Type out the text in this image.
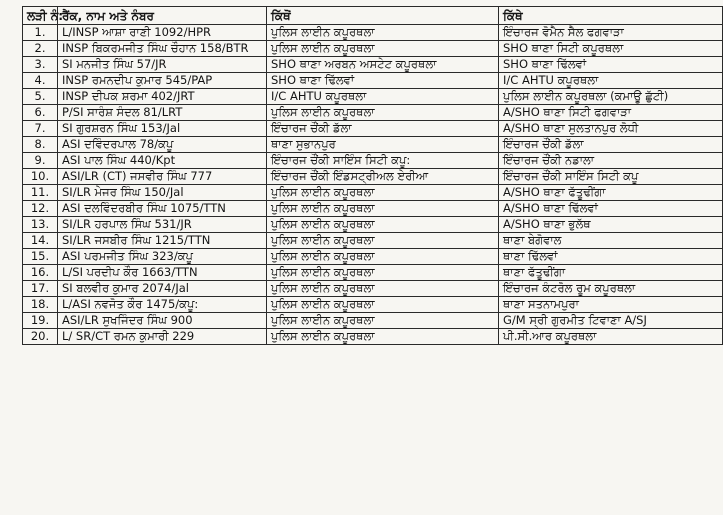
ਲੜੀ ਨੰ:	ਰੈਂਕ, ਨਾਮ ਅਤੇ ਨੰਬਰ	ਕਿੱਥੋਂ	ਕਿੱਥੇ
1.	L/INSP ਆਸ਼ਾ ਰਾਣੀ 1092/HPR	ਪੁਲਿਸ ਲਾਈਨ ਕਪੂਰਥਲਾ	ਇੰਚਾਰਜ ਵੋਮੈਨ ਸੈਲ ਫਗਵਾੜਾ
2.	INSP ਬਿਕਰਮਜੀਤ ਸਿੰਘ ਚੌਹਾਨ 158/BTR	ਪੁਲਿਸ ਲਾਈਨ ਕਪੂਰਥਲਾ	SHO ਥਾਣਾ ਸਿਟੀ ਕਪੂਰਥਲਾ
3.	SI ਮਨਜੀਤ ਸਿੰਘ 57/JR	SHO ਥਾਣਾ ਅਰਬਨ ਅਸਟੇਟ ਕਪੂਰਥਲਾ	SHO ਥਾਣਾ ਢਿੱਲਵਾਂ
4.	INSP ਰਮਨਦੀਪ ਕੁਮਾਰ 545/PAP	SHO ਥਾਣਾ ਢਿੱਲਵਾਂ	I/C AHTU ਕਪੂਰਥਲਾ
5.	INSP ਦੀਪਕ ਸ਼ਰਮਾ 402/JRT	I/C AHTU ਕਪੂਰਥਲਾ	ਪੁਲਿਸ ਲਾਈਨ ਕਪੂਰਥਲਾ (ਕਮਾਊ ਛੁੱਟੀ)
6.	P/SI ਸਾਰੰਸ਼ ਸੰਦਲ 81/LRT	ਪੁਲਿਸ ਲਾਈਨ ਕਪੂਰਥਲਾ	A/SHO ਥਾਣਾ ਸਿਟੀ ਫਗਵਾੜਾ
7.	SI ਗੁਰਸ਼ਰਨ ਸਿੰਘ 153/Jal	ਇੰਚਾਰਜ ਚੌਂਕੀ ਡੱਲਾ	A/SHO ਥਾਣਾ ਸੁਲਤਾਨਪੁਰ ਲੋਧੀ
8.	ASI ਦਵਿੰਦਰਪਾਲ 78/ਕਪੂ	ਥਾਣਾ ਸੁਭਾਨਪੁਰ	ਇੰਚਾਰਜ ਚੌਂਕੀ ਡੱਲਾ
9.	ASI ਪਾਲ ਸਿੰਘ 440/Kpt	ਇੰਚਾਰਜ ਚੌਂਕੀ ਸਾਇੰਸ ਸਿਟੀ ਕਪੂ:	ਇੰਚਾਰਜ ਚੌਂਕੀ ਨਡਾਲਾ
10.	ASI/LR (CT) ਜਸਵੀਰ ਸਿੰਘ 777	ਇੰਚਾਰਜ ਚੌਂਕੀ ਇੰਡਸਟ੍ਰੀਅਲ ਏਰੀਆ	ਇੰਚਾਰਜ ਚੌਂਕੀ ਸਾਇੰਸ ਸਿਟੀ ਕਪੂ
11.	SI/LR ਮੇਜਰ ਸਿੰਘ 150/Jal	ਪੁਲਿਸ ਲਾਈਨ ਕਪੂਰਥਲਾ	A/SHO ਥਾਣਾ ਫੱਤੂਢੀਂਗਾ
12.	ASI ਦਲਵਿੰਦਰਬੀਰ ਸਿੰਘ 1075/TTN	ਪੁਲਿਸ ਲਾਈਨ ਕਪੂਰਥਲਾ	A/SHO ਥਾਣਾ ਢਿੱਲਵਾਂ
13.	SI/LR ਹਰਪਾਲ ਸਿੰਘ 531/JR	ਪੁਲਿਸ ਲਾਈਨ ਕਪੂਰਥਲਾ	A/SHO ਥਾਣਾ ਭੁਲੱਥ
14.	SI/LR ਜਸਬੀਰ ਸਿੰਘ 1215/TTN	ਪੁਲਿਸ ਲਾਈਨ ਕਪੂਰਥਲਾ	ਥਾਣਾ ਬੇਗੋਵਾਲ
15.	ASI ਪਰਮਜੀਤ ਸਿੰਘ 323/ਕਪੂ	ਪੁਲਿਸ ਲਾਈਨ ਕਪੂਰਥਲਾ	ਥਾਣਾ ਢਿੱਲਵਾਂ
16.	L/SI ਪਰਦੀਪ ਕੌਰ 1663/TTN	ਪੁਲਿਸ ਲਾਈਨ ਕਪੂਰਥਲਾ	ਥਾਣਾ ਫੱਤੂਢੀਂਗਾ
17.	SI ਬਲਵੀਰ ਕੁਮਾਰ 2074/Jal	ਪੁਲਿਸ ਲਾਈਨ ਕਪੂਰਥਲਾ	ਇੰਚਾਰਜ ਕੰਟਰੋਲ ਰੂਮ ਕਪੂਰਥਲਾ
18.	L/ASI ਨਵਜੋਤ ਕੌਰ 1475/ਕਪੂ:	ਪੁਲਿਸ ਲਾਈਨ ਕਪੂਰਥਲਾ	ਥਾਣਾ ਸਤਨਾਮਪੁਰਾ
19.	ASI/LR ਸੁਖਜਿੰਦਰ ਸਿੰਘ 900	ਪੁਲਿਸ ਲਾਈਨ ਕਪੂਰਥਲਾ	G/M ਸ੍ਰੀ ਗੁਰਮੀਤ ਟਿਵਾਣਾ A/SJ
20.	L/ SR/CT ਰਮਨ ਕੁਮਾਰੀ 229	ਪੁਲਿਸ ਲਾਈਨ ਕਪੂਰਥਲਾ	ਪੀ.ਸੀ.ਆਰ ਕਪੂਰਥਲਾ
